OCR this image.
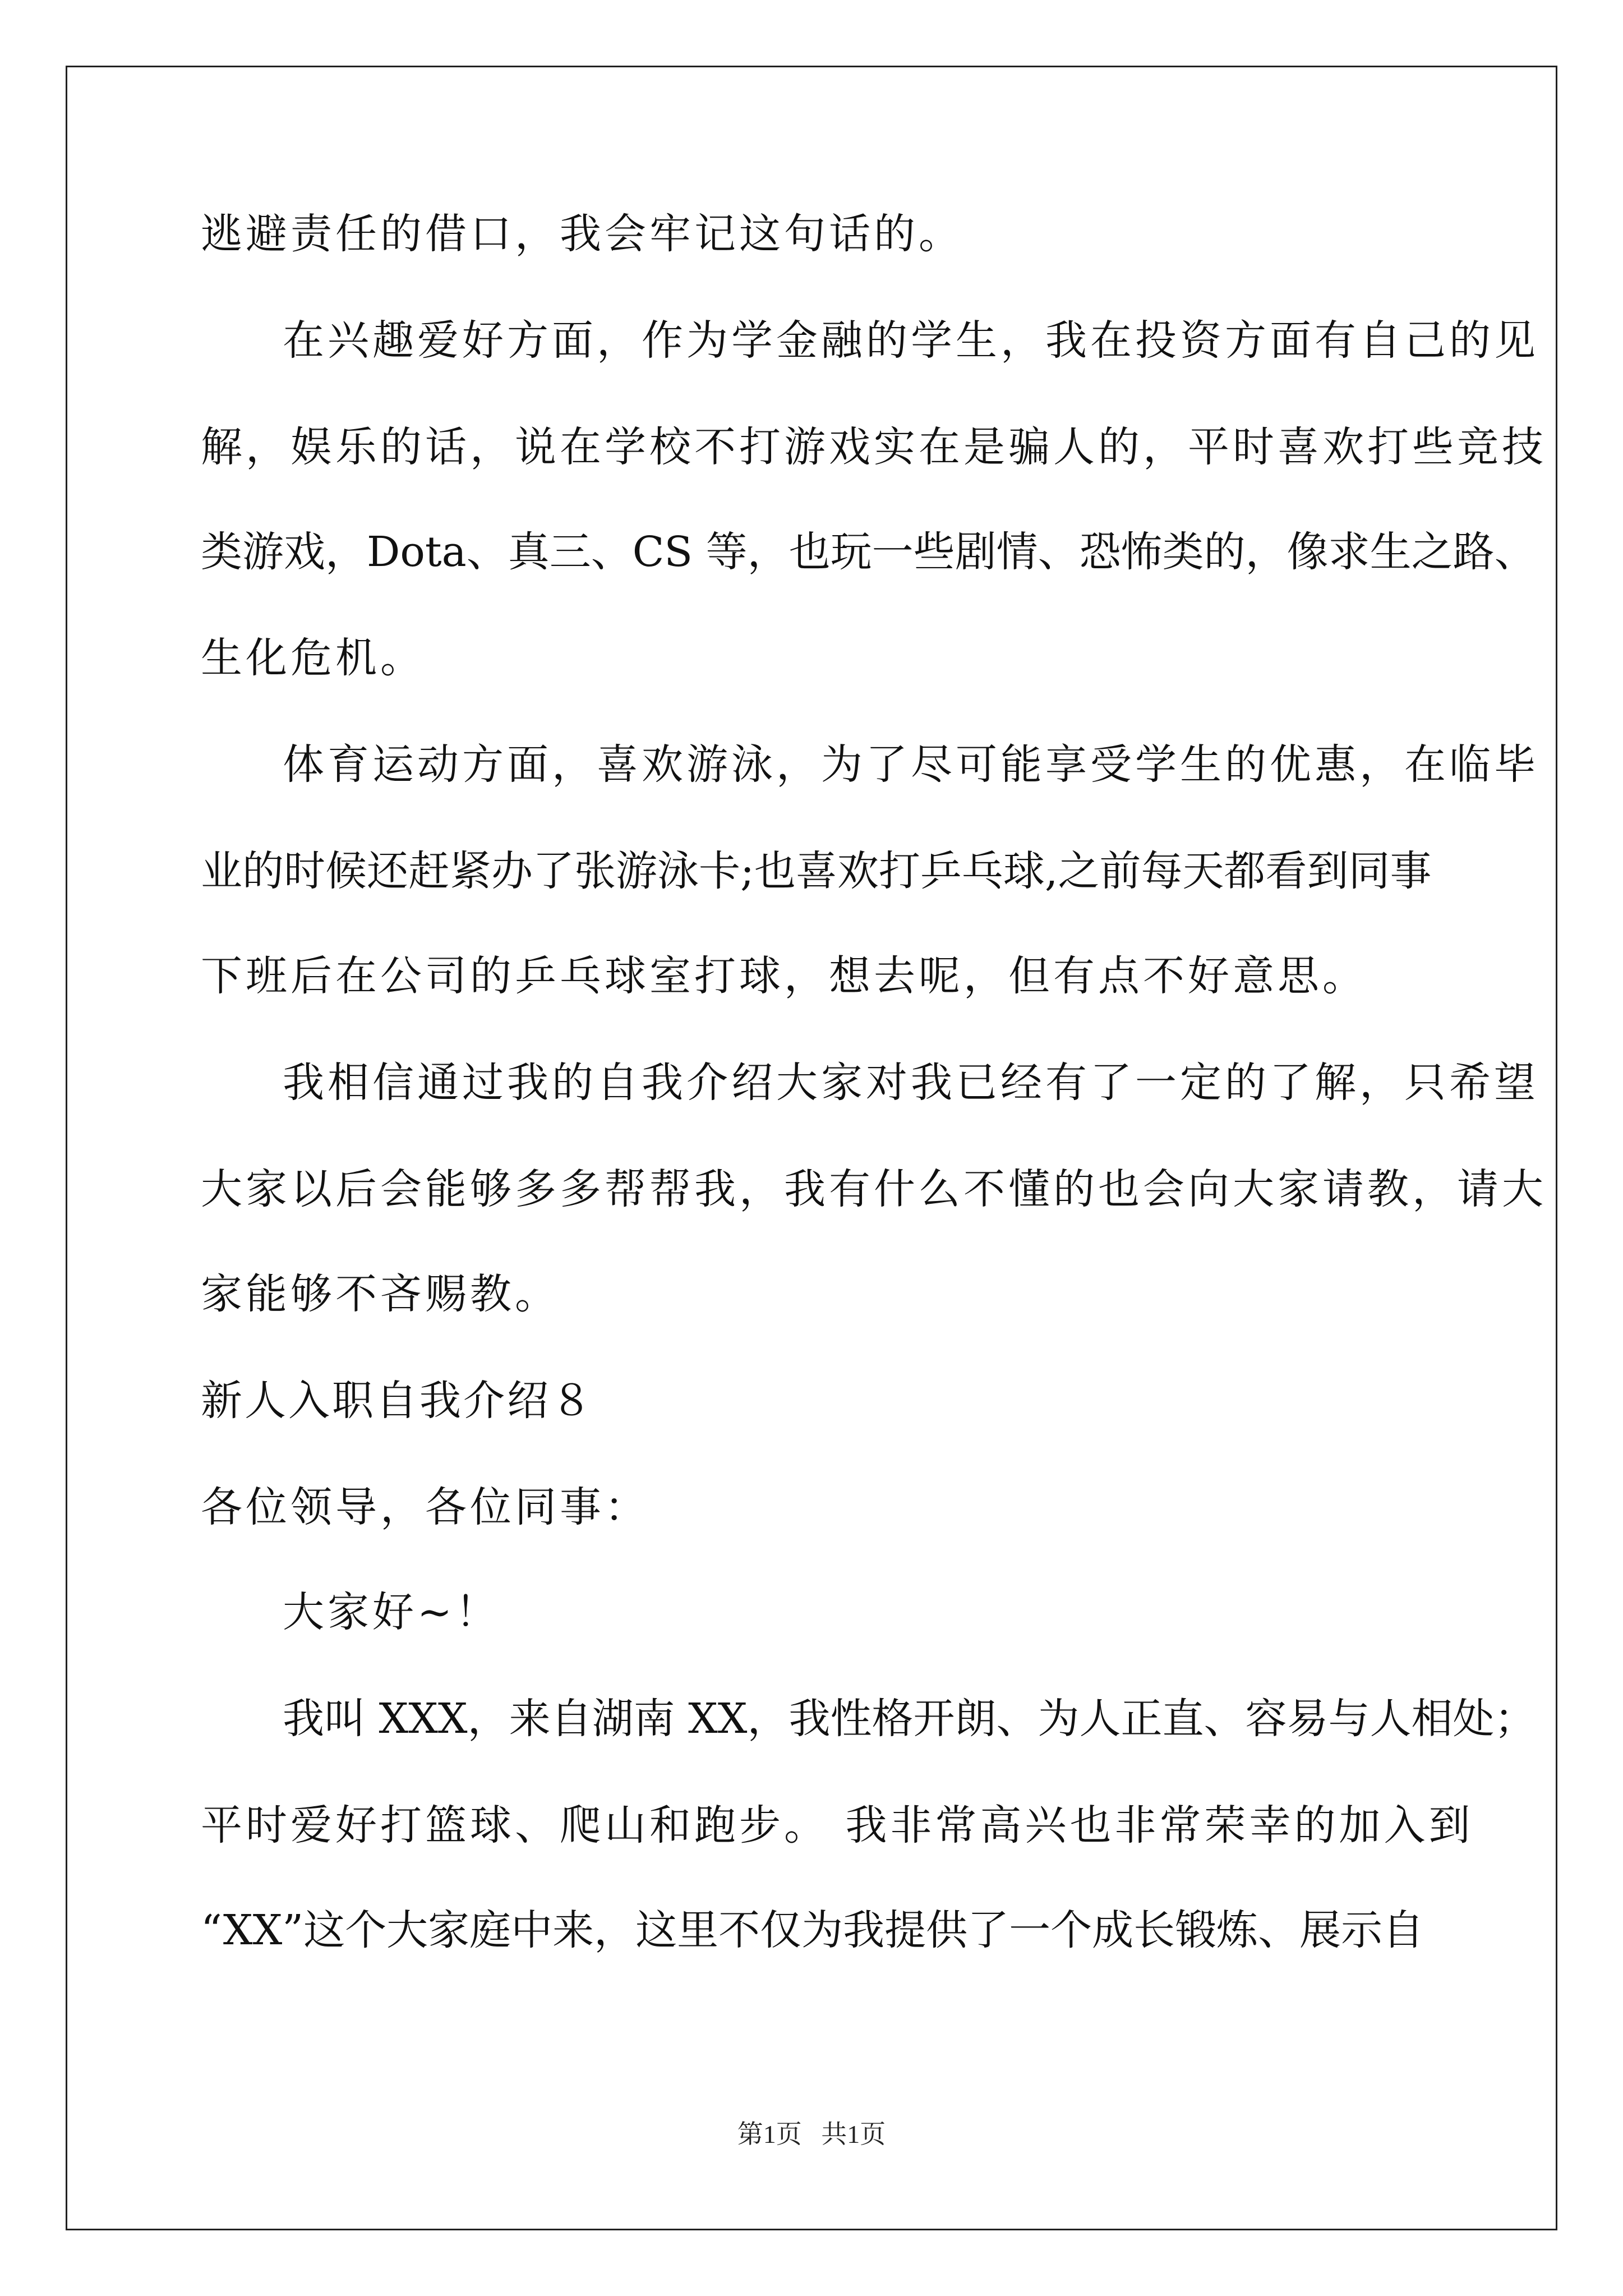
逃避责任的借口，我会牢记这句话的。
在兴趣爱好方面，作为学金融的学生，我在投资方面有自己的见
解，娱乐的话，说在学校不打游戏实在是骗人的，平时喜欢打些竞技
类游戏，Dota、真三、CS 等，也玩一些剧情、恐怖类的，像求生之路、
生化危机。
体育运动方面，喜欢游泳，为了尽可能享受学生的优惠，在临毕
业的时候还赶紧办了张游泳卡;也喜欢打乒乓球,之前每天都看到同事
下班后在公司的乒乓球室打球，想去呢，但有点不好意思。
我相信通过我的自我介绍大家对我已经有了一定的了解，只希望
大家以后会能够多多帮帮我，我有什么不懂的也会向大家请教，请大
家能够不吝赐教。
新人入职自我介绍８
各位领导，各位同事：
大家好~！
我叫 XXX，来自湖南 XX，我性格开朗、为人正直、容易与人相处；
平时爱好打篮球、爬山和跑步。 我非常高兴也非常荣幸的加入到
“XX”这个大家庭中来，这里不仅为我提供了一个成长锻炼、展示自
第1页   共1页
